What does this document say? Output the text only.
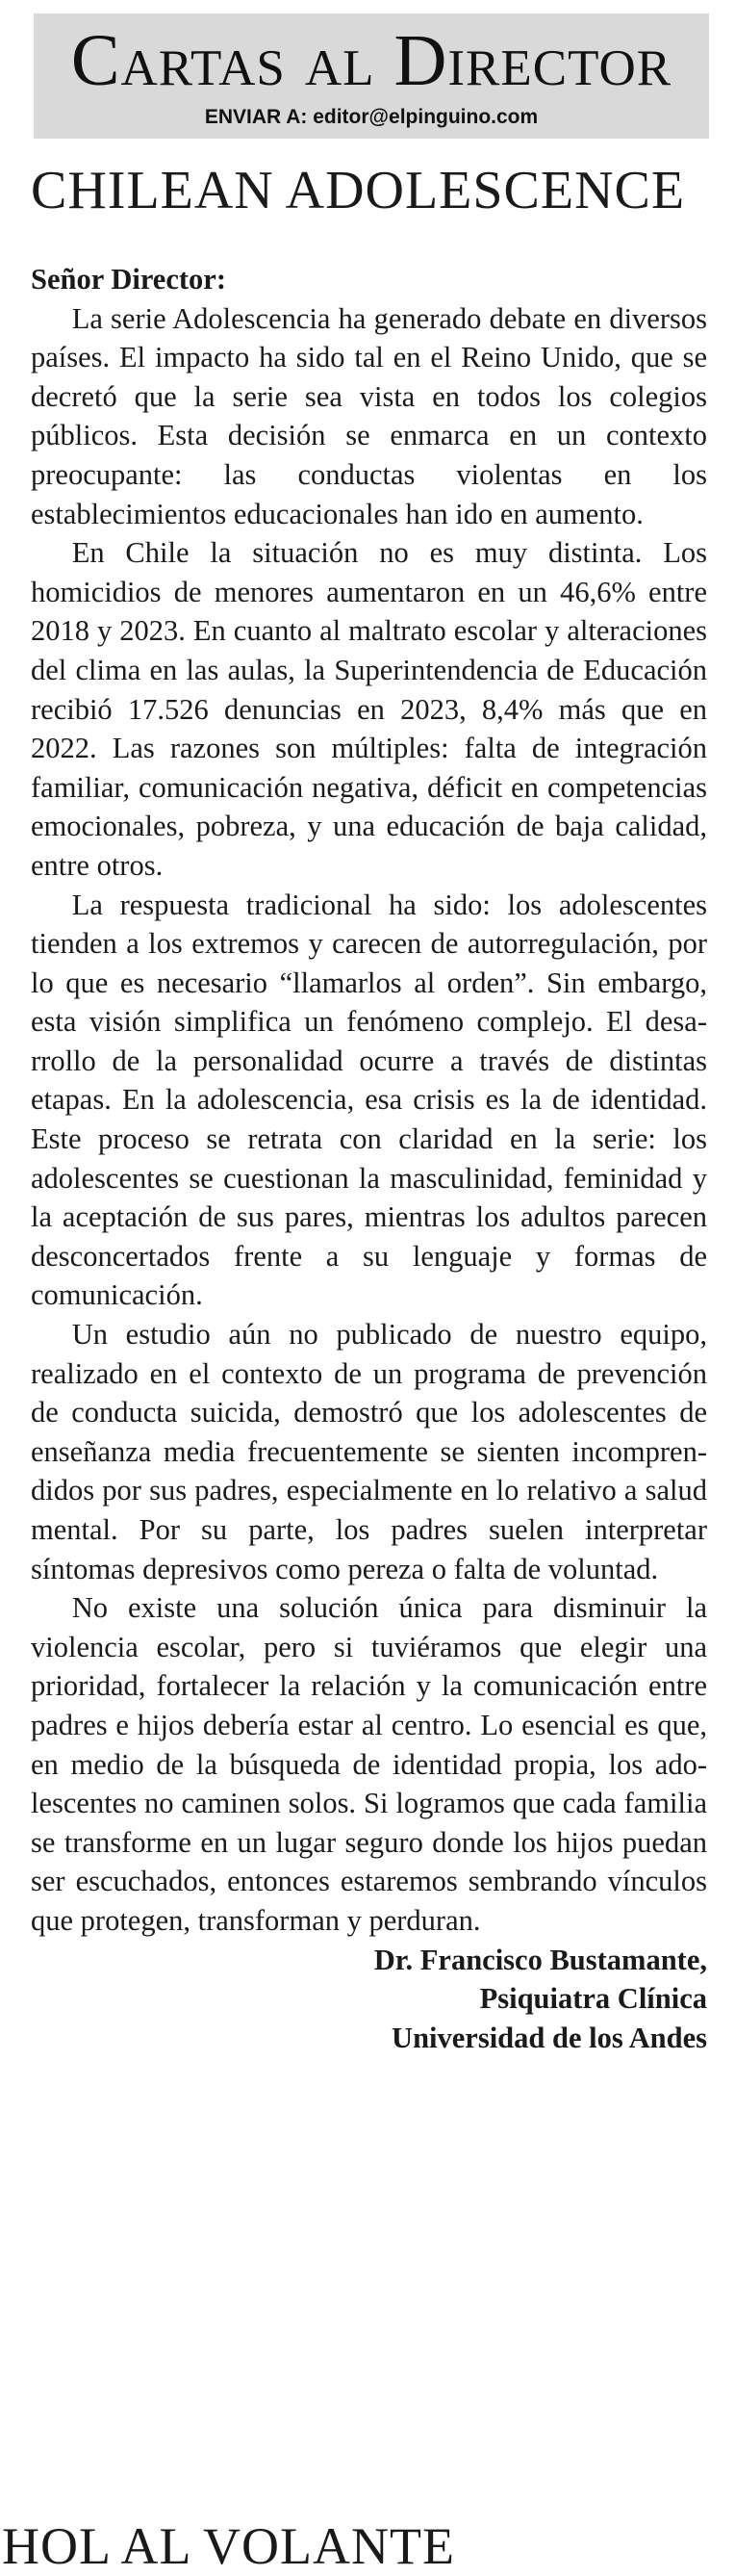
Cartas al Director
ENVIAR A: editor@elpinguino.com
CHILEAN ADOLESCENCE

Señor Director:

La serie Adolescencia ha generado debate en diversos países. El impacto ha sido tal en el Reino Unido, que se decretó que la serie sea vista en todos los colegios públicos. Esta decisión se enmarca en un contexto preocupante: las conductas violentas en los establecimientos educacionales han ido en aumento.

En Chile la situación no es muy distinta. Los homicidios de menores aumentaron en un 46,6% entre 2018 y 2023. En cuanto al maltrato escolar y alteraciones del clima en las aulas, la Superintendencia de Educación recibió 17.526 denuncias en 2023, 8,4% más que en 2022. Las razones son múltiples: falta de integración familiar, comunicación negativa, déficit en competencias emocionales, pobreza, y una educación de baja calidad, entre otros.

La respuesta tradicional ha sido: los adolescentes tienden a los extremos y carecen de autorregulación, por lo que es necesario “llamarlos al orden”. Sin embargo, esta visión simplifica un fenómeno complejo. El desarrollo de la personalidad ocurre a través de distintas etapas. En la adolescencia, esa crisis es la de identidad. Este proceso se retrata con claridad en la serie: los adolescentes se cuestionan la masculinidad, feminidad y la aceptación de sus pares, mientras los adultos parecen desconcertados frente a su lenguaje y formas de comunicación.

Un estudio aún no publicado de nuestro equipo, realizado en el contexto de un programa de prevención de conducta suicida, demostró que los adolescentes de enseñanza media frecuentemente se sienten incomprendidos por sus padres, especialmente en lo relativo a salud mental. Por su parte, los padres suelen interpretar síntomas depresivos como pereza o falta de voluntad.

No existe una solución única para disminuir la violencia escolar, pero si tuviéramos que elegir una prioridad, fortalecer la relación y la comunicación entre padres e hijos debería estar al centro. Lo esencial es que, en medio de la búsqueda de identidad propia, los adolescentes no caminen solos. Si logramos que cada familia se transforme en un lugar seguro donde los hijos puedan ser escuchados, entonces estaremos sembrando vínculos que protegen, transforman y perduran.

Dr. Francisco Bustamante,

Psiquiatra Clínica

Universidad de los Andes

HOL AL VOLANTE
